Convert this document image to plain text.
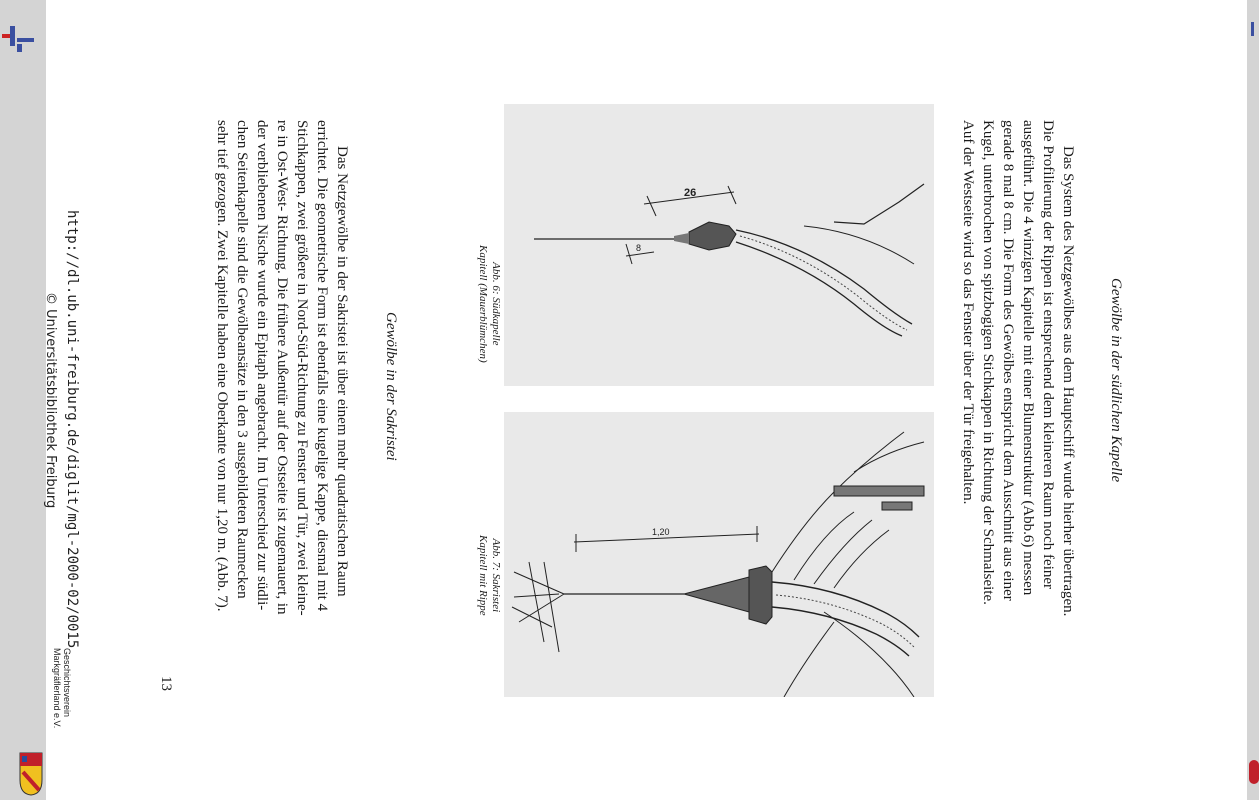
Gewölbe in der südlichen Kapelle
Das System des Netzgewölbes aus dem Hauptschiff wurde hierher übertragen.
Die Profilierung der Rippen ist entsprechend dem kleineren Raum noch feiner
ausgeführt. Die 4 winzigen Kapitelle mit einer Blumenstruktur (Abb.6) messen
gerade 8 mal 8 cm. Die Form des Gewölbes entspricht dem Ausschnitt aus einer
Kugel, unterbrochen von spitzbogigen Stichkappen in Richtung der Schmalseite.
Auf der Westseite wird so das Fenster über der Tür freigehalten.
26
8
Abb. 6: Südkapelle
Kapitell (Mauerblümchen)
1,20
Abb. 7: Sakristei
Kapitell mit Rippe
Gewölbe in der Sakristei
Das Netzgewölbe in der Sakristei ist über einem mehr quadratischen Raum
errichtet. Die geometrische Form ist ebenfalls eine kugelige Kappe, diesmal mit 4
Stichkappen, zwei größere in Nord-Süd-Richtung zu Fenster und Tür, zwei kleine-
re in Ost-West- Richtung. Die frühere Außentür auf der Ostseite ist zugemauert, in
der verbliebenen Nische wurde ein Epitaph angebracht. Im Unterschied zur südli-
chen Seitenkapelle sind die Gewölbeansätze in den 3 ausgebildeten Raumecken
sehr tief gezogen. Zwei Kapitelle haben eine Oberkante von nur 1,20 m. (Abb. 7).
13
http://dl.ub.uni-freiburg.de/diglit/mgl-2000-02/0015
© Universitätsbibliothek Freiburg
Geschichtsverein
Markgräflerland e.V.
